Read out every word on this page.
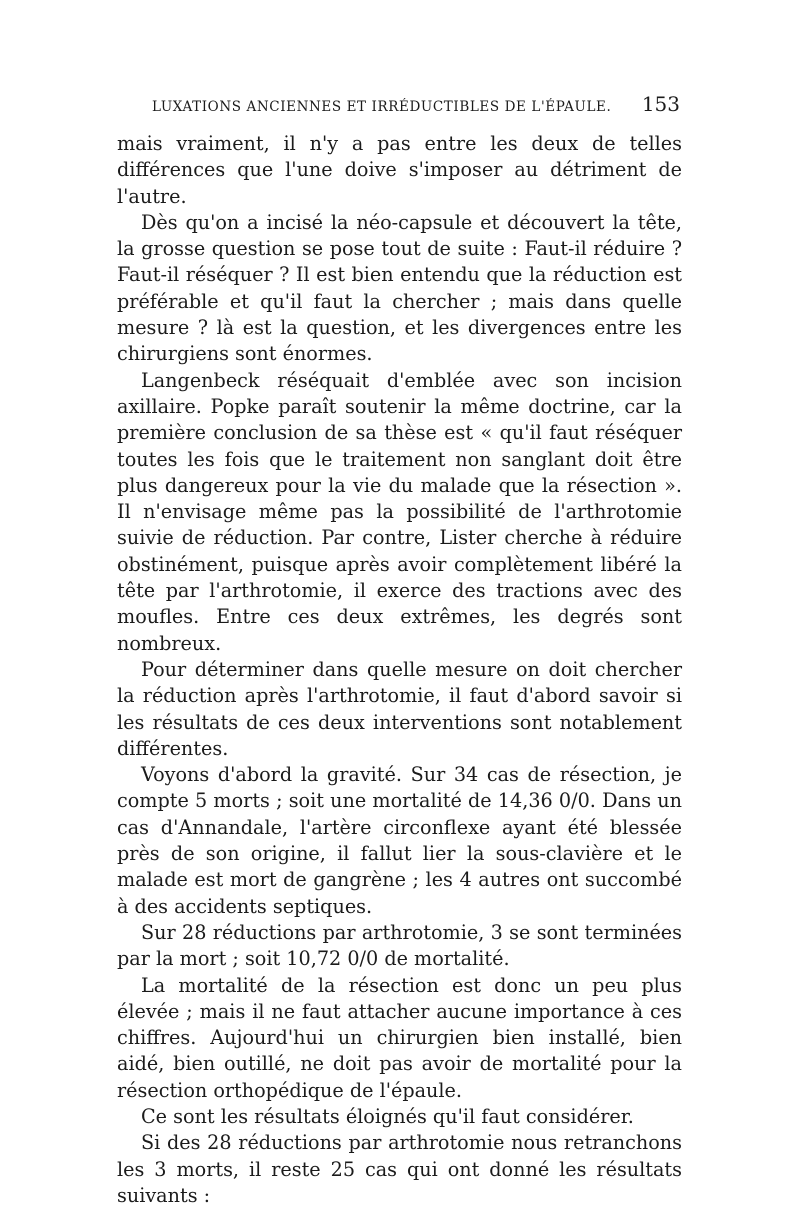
LUXATIONS ANCIENNES ET IRRÉDUCTIBLES DE L'ÉPAULE. 153

mais vraiment, il n'y a pas entre les deux de telles différences que l'une doive s'imposer au détriment de l'autre.

Dès qu'on a incisé la néo-capsule et découvert la tête, la grosse question se pose tout de suite : Faut-il réduire ? Faut-il réséquer ? Il est bien entendu que la réduction est préférable et qu'il faut la chercher ; mais dans quelle mesure ? là est la question, et les divergences entre les chirurgiens sont énormes.

Langenbeck réséquait d'emblée avec son incision axillaire. Popke paraît soutenir la même doctrine, car la première conclusion de sa thèse est « qu'il faut réséquer toutes les fois que le traitement non sanglant doit être plus dangereux pour la vie du malade que la résection ». Il n'envisage même pas la possibilité de l'arthrotomie suivie de réduction. Par contre, Lister cherche à réduire obstinément, puisque après avoir complètement libéré la tête par l'arthrotomie, il exerce des tractions avec des moufles. Entre ces deux extrêmes, les degrés sont nombreux.

Pour déterminer dans quelle mesure on doit chercher la réduction après l'arthrotomie, il faut d'abord savoir si les résultats de ces deux interventions sont notablement différentes.

Voyons d'abord la gravité. Sur 34 cas de résection, je compte 5 morts ; soit une mortalité de 14,36 0/0. Dans un cas d'Annandale, l'artère circonflexe ayant été blessée près de son origine, il fallut lier la sous-clavière et le malade est mort de gangrène ; les 4 autres ont succombé à des accidents septiques.

Sur 28 réductions par arthrotomie, 3 se sont terminées par la mort ; soit 10,72 0/0 de mortalité.

La mortalité de la résection est donc un peu plus élevée ; mais il ne faut attacher aucune importance à ces chiffres. Aujourd'hui un chirurgien bien installé, bien aidé, bien outillé, ne doit pas avoir de mortalité pour la résection orthopédique de l'épaule.

Ce sont les résultats éloignés qu'il faut considérer.

Si des 28 réductions par arthrotomie nous retranchons les 3 morts, il reste 25 cas qui ont donné les résultats suivants :
